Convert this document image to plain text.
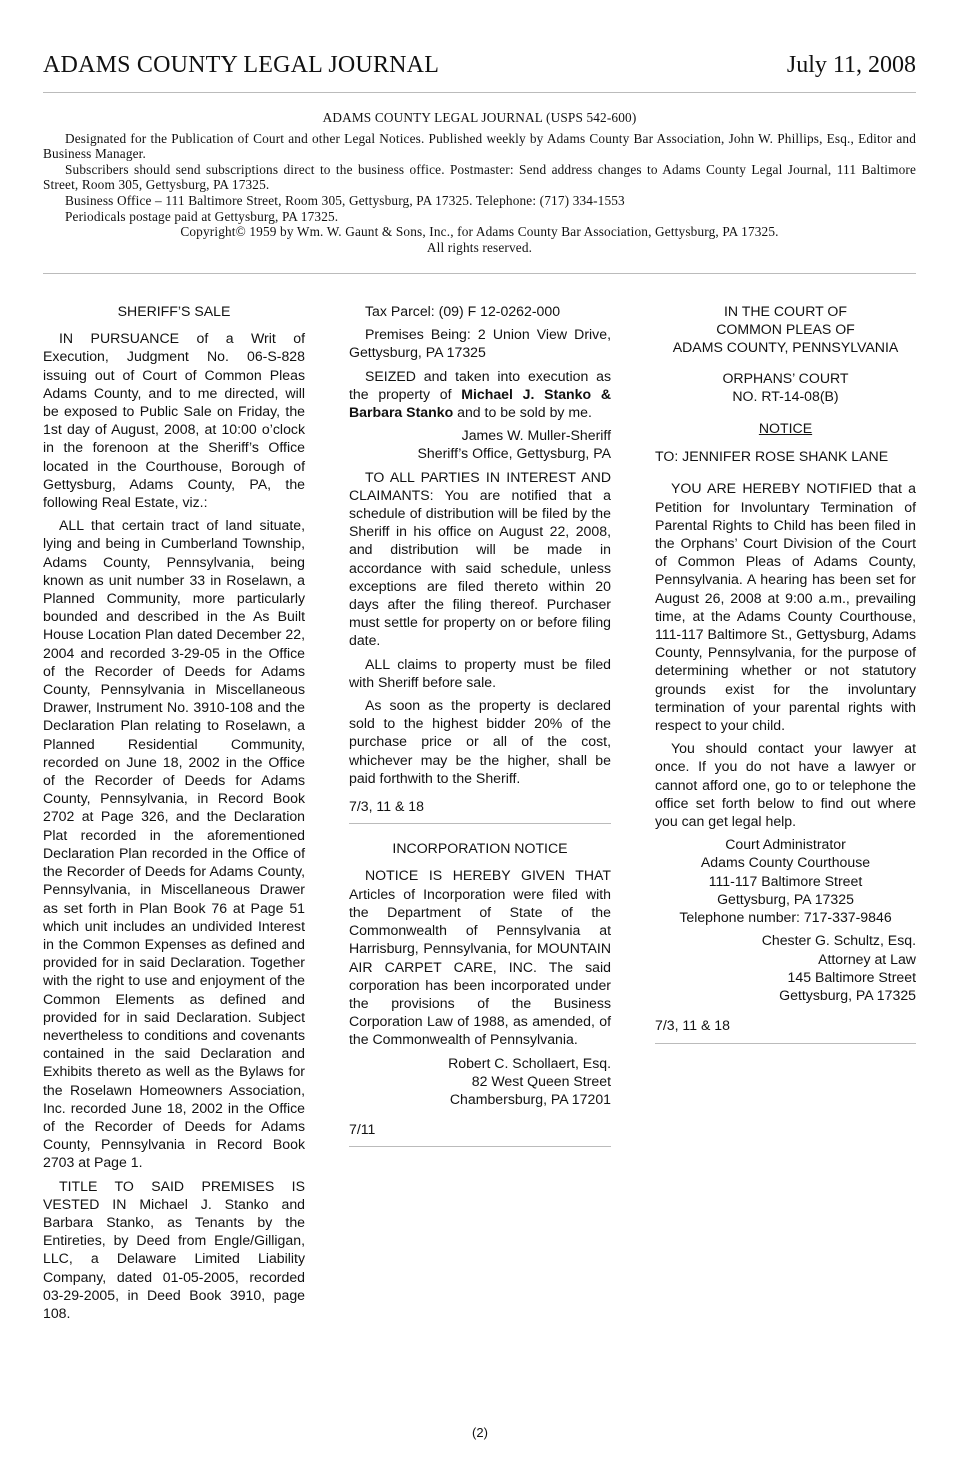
ADAMS COUNTY LEGAL JOURNAL	July 11, 2008

ADAMS COUNTY LEGAL JOURNAL (USPS 542-600)

Designated for the Publication of Court and other Legal Notices. Published weekly by Adams County Bar Association, John W. Phillips, Esq., Editor and Business Manager.

Subscribers should send subscriptions direct to the business office. Postmaster: Send address changes to Adams County Legal Journal, 111 Baltimore Street, Room 305, Gettysburg, PA 17325.

Business Office – 111 Baltimore Street, Room 305, Gettysburg, PA 17325. Telephone: (717) 334-1553

Periodicals postage paid at Gettysburg, PA 17325.

Copyright© 1959 by Wm. W. Gaunt & Sons, Inc., for Adams County Bar Association, Gettysburg, PA 17325.

All rights reserved.

SHERIFF’S SALE

IN PURSUANCE of a Writ of Execution, Judgment No. 06-S-828 issuing out of Court of Common Pleas Adams County, and to me directed, will be exposed to Public Sale on Friday, the 1st day of August, 2008, at 10:00 o’clock in the forenoon at the Sheriff’s Office located in the Courthouse, Borough of Gettysburg, Adams County, PA, the following Real Estate, viz.:

ALL that certain tract of land situate, lying and being in Cumberland Township, Adams County, Pennsylvania, being known as unit number 33 in Roselawn, a Planned Community, more particularly bounded and described in the As Built House Location Plan dated December 22, 2004 and recorded 3-29-05 in the Office of the Recorder of Deeds for Adams County, Pennsylvania in Miscellaneous Drawer, Instrument No. 3910-108 and the Declaration Plan relating to Roselawn, a Planned Residential Community, recorded on June 18, 2002 in the Office of the Recorder of Deeds for Adams County, Pennsylvania, in Record Book 2702 at Page 326, and the Declaration Plat recorded in the aforementioned Declaration Plan recorded in the Office of the Recorder of Deeds for Adams County, Pennsylvania, in Miscellaneous Drawer as set forth in Plan Book 76 at Page 51 which unit includes an undivided Interest in the Common Expenses as defined and provided for in said Declaration. Together with the right to use and enjoyment of the Common Elements as defined and provided for in said Declaration. Subject nevertheless to conditions and covenants contained in the said Declaration and Exhibits thereto as well as the Bylaws for the Roselawn Homeowners Association, Inc. recorded June 18, 2002 in the Office of the Recorder of Deeds for Adams County, Pennsylvania in Record Book 2703 at Page 1.

TITLE TO SAID PREMISES IS VESTED IN Michael J. Stanko and Barbara Stanko, as Tenants by the Entireties, by Deed from Engle/Gilligan, LLC, a Delaware Limited Liability Company, dated 01-05-2005, recorded 03-29-2005, in Deed Book 3910, page 108.

Tax Parcel: (09) F 12-0262-000

Premises Being: 2 Union View Drive, Gettysburg, PA 17325

SEIZED and taken into execution as the property of Michael J. Stanko & Barbara Stanko and to be sold by me.

James W. Muller-Sheriff

Sheriff’s Office, Gettysburg, PA

TO ALL PARTIES IN INTEREST AND CLAIMANTS: You are notified that a schedule of distribution will be filed by the Sheriff in his office on August 22, 2008, and distribution will be made in accordance with said schedule, unless exceptions are filed thereto within 20 days after the filing thereof. Purchaser must settle for property on or before filing date.

ALL claims to property must be filed with Sheriff before sale.

As soon as the property is declared sold to the highest bidder 20% of the purchase price or all of the cost, whichever may be the higher, shall be paid forthwith to the Sheriff.

7/3, 11 & 18

INCORPORATION NOTICE

NOTICE IS HEREBY GIVEN THAT Articles of Incorporation were filed with the Department of State of the Commonwealth of Pennsylvania at Harrisburg, Pennsylvania, for MOUNTAIN AIR CARPET CARE, INC. The said corporation has been incorporated under the provisions of the Business Corporation Law of 1988, as amended, of the Commonwealth of Pennsylvania.

Robert C. Schollaert, Esq.

82 West Queen Street

Chambersburg, PA 17201

7/11

IN THE COURT OF

COMMON PLEAS OF

ADAMS COUNTY, PENNSYLVANIA

ORPHANS’ COURT

NO. RT-14-08(B)

NOTICE

TO: JENNIFER ROSE SHANK LANE

YOU ARE HEREBY NOTIFIED that a Petition for Involuntary Termination of Parental Rights to Child has been filed in the Orphans’ Court Division of the Court of Common Pleas of Adams County, Pennsylvania. A hearing has been set for August 26, 2008 at 9:00 a.m., prevailing time, at the Adams County Courthouse, 111-117 Baltimore St., Gettysburg, Adams County, Pennsylvania, for the purpose of determining whether or not statutory grounds exist for the involuntary termination of your parental rights with respect to your child.

You should contact your lawyer at once. If you do not have a lawyer or cannot afford one, go to or telephone the office set forth below to find out where you can get legal help.

Court Administrator

Adams County Courthouse

111-117 Baltimore Street

Gettysburg, PA 17325

Telephone number: 717-337-9846

Chester G. Schultz, Esq.

Attorney at Law

145 Baltimore Street

Gettysburg, PA 17325

7/3, 11 & 18

(2)
